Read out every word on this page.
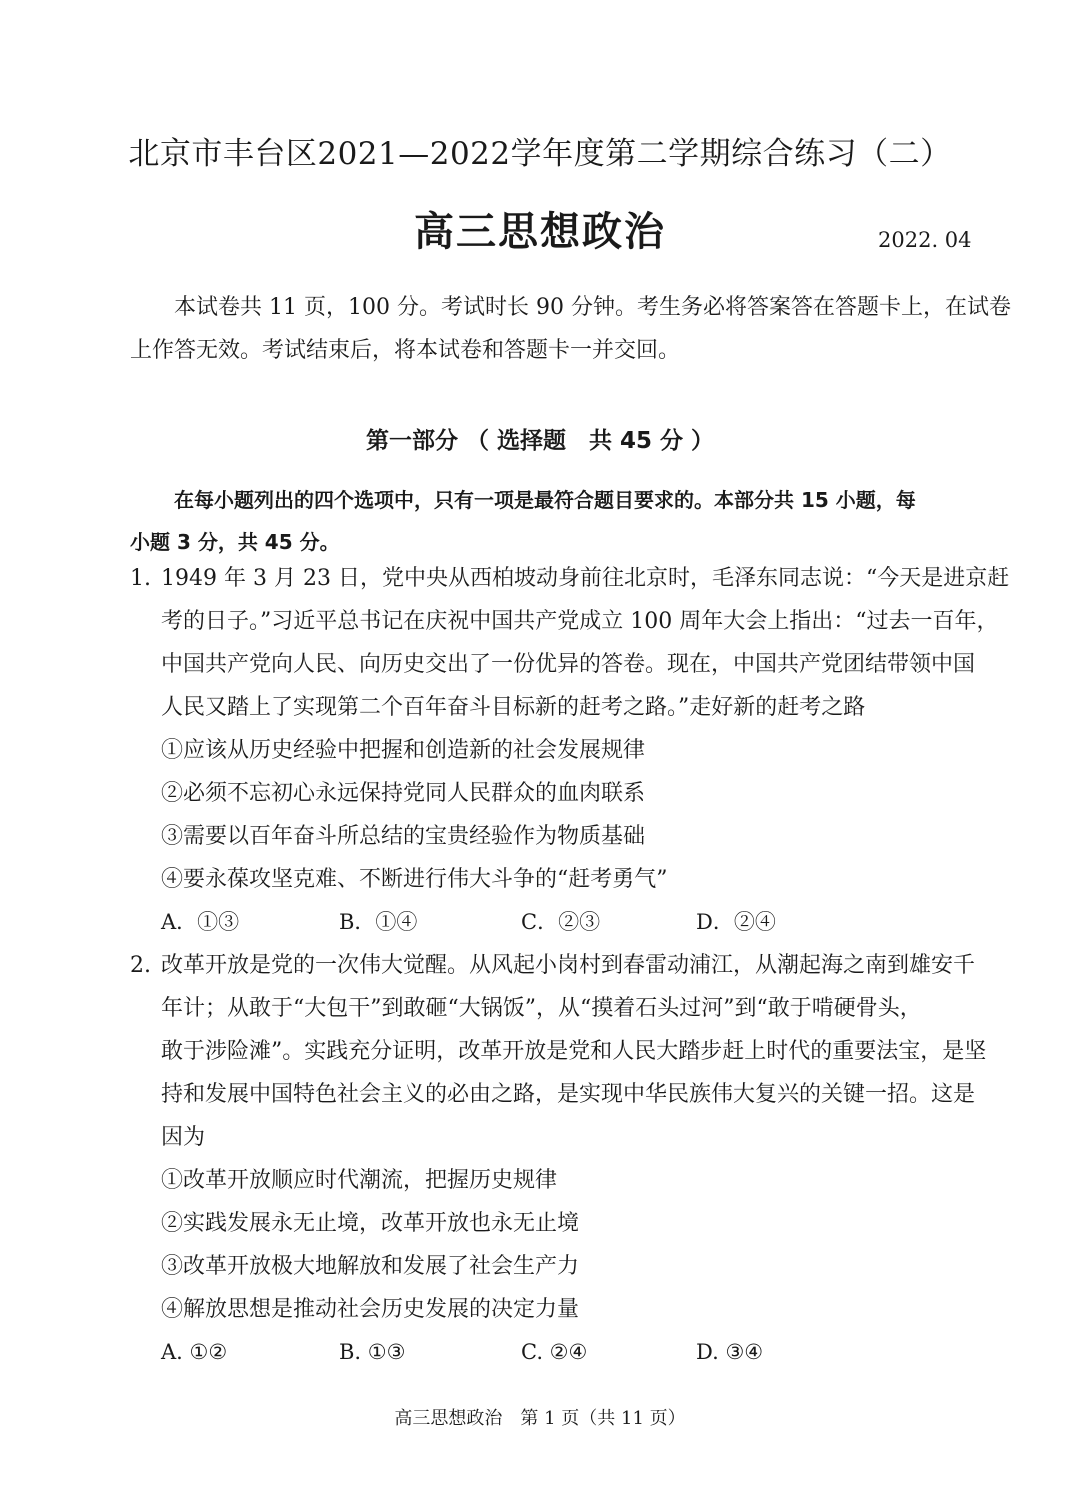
北京市丰台区2021—2022学年度第二学期综合练习（二）
高三思想政治	2022. 04
本试卷共 11 页，100 分。考试时长 90 分钟。考生务必将答案答在答题卡上，在试卷
上作答无效。考试结束后，将本试卷和答题卡一并交回。
第一部分 （ 选择题　共 45 分 ）
在每小题列出的四个选项中，只有一项是最符合题目要求的。本部分共 15 小题，每
小题 3 分，共 45 分。
1. 1949 年 3 月 23 日，党中央从西柏坡动身前往北京时，毛泽东同志说：“今天是进京赶
考的日子。”习近平总书记在庆祝中国共产党成立 100 周年大会上指出：“过去一百年，
中国共产党向人民、向历史交出了一份优异的答卷。现在，中国共产党团结带领中国
人民又踏上了实现第二个百年奋斗目标新的赶考之路。”走好新的赶考之路
①应该从历史经验中把握和创造新的社会发展规律
②必须不忘初心永远保持党同人民群众的血肉联系
③需要以百年奋斗所总结的宝贵经验作为物质基础
④要永葆攻坚克难、不断进行伟大斗争的“赶考勇气”
A．①③	B．①④	C．②③	D．②④
2. 改革开放是党的一次伟大觉醒。从风起小岗村到春雷动浦江，从潮起海之南到雄安千
年计；从敢于“大包干”到敢砸“大锅饭”，从“摸着石头过河”到“敢于啃硬骨头，
敢于涉险滩”。实践充分证明，改革开放是党和人民大踏步赶上时代的重要法宝，是坚
持和发展中国特色社会主义的必由之路，是实现中华民族伟大复兴的关键一招。这是
因为
①改革开放顺应时代潮流，把握历史规律
②实践发展永无止境，改革开放也永无止境
③改革开放极大地解放和发展了社会生产力
④解放思想是推动社会历史发展的决定力量
A. ①②	B. ①③	C. ②④	D. ③④
高三思想政治　第 1 页（共 11 页）
